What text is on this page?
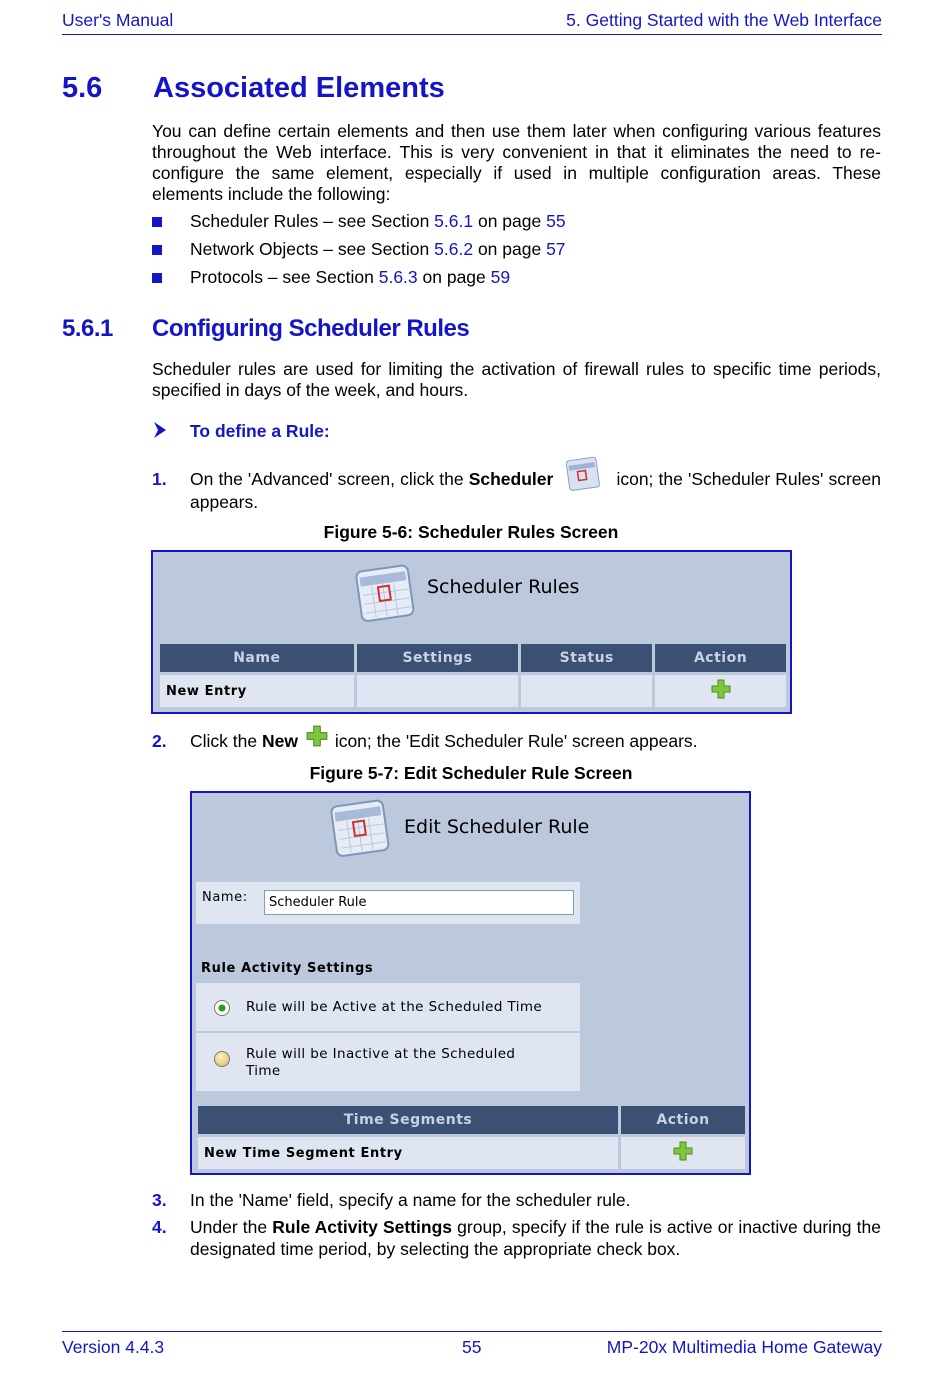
User's Manual	5. Getting Started with the Web Interface
5.6 Associated Elements
You can define certain elements and then use them later when configuring various features throughout the Web interface. This is very convenient in that it eliminates the need to re-configure the same element, especially if used in multiple configuration areas. These elements include the following:
Scheduler Rules – see Section 5.6.1 on page 55
Network Objects – see Section 5.6.2 on page 57
Protocols – see Section 5.6.3 on page 59
5.6.1 Configuring Scheduler Rules
Scheduler rules are used for limiting the activation of firewall rules to specific time periods, specified in days of the week, and hours.
To define a Rule:
1. On the 'Advanced' screen, click the Scheduler	icon; the 'Scheduler Rules' screen appears.
Figure 5-6: Scheduler Rules Screen
Scheduler Rules
Name	Settings	Status	Action
New Entry			
2. Click the New
icon; the 'Edit Scheduler Rule' screen appears.
Figure 5-7: Edit Scheduler Rule Screen
Edit Scheduler Rule
Name:
Scheduler Rule
Rule Activity Settings
Rule will be Active at the Scheduled Time
Rule will be Inactive at the Scheduled
Time
Time Segments	Action
New Time Segment Entry	
3. In the 'Name' field, specify a name for the scheduler rule.
4. Under the Rule Activity Settings group, specify if the rule is active or inactive during the designated time period, by selecting the appropriate check box.
Version 4.4.3	55	MP-20x Multimedia Home Gateway
